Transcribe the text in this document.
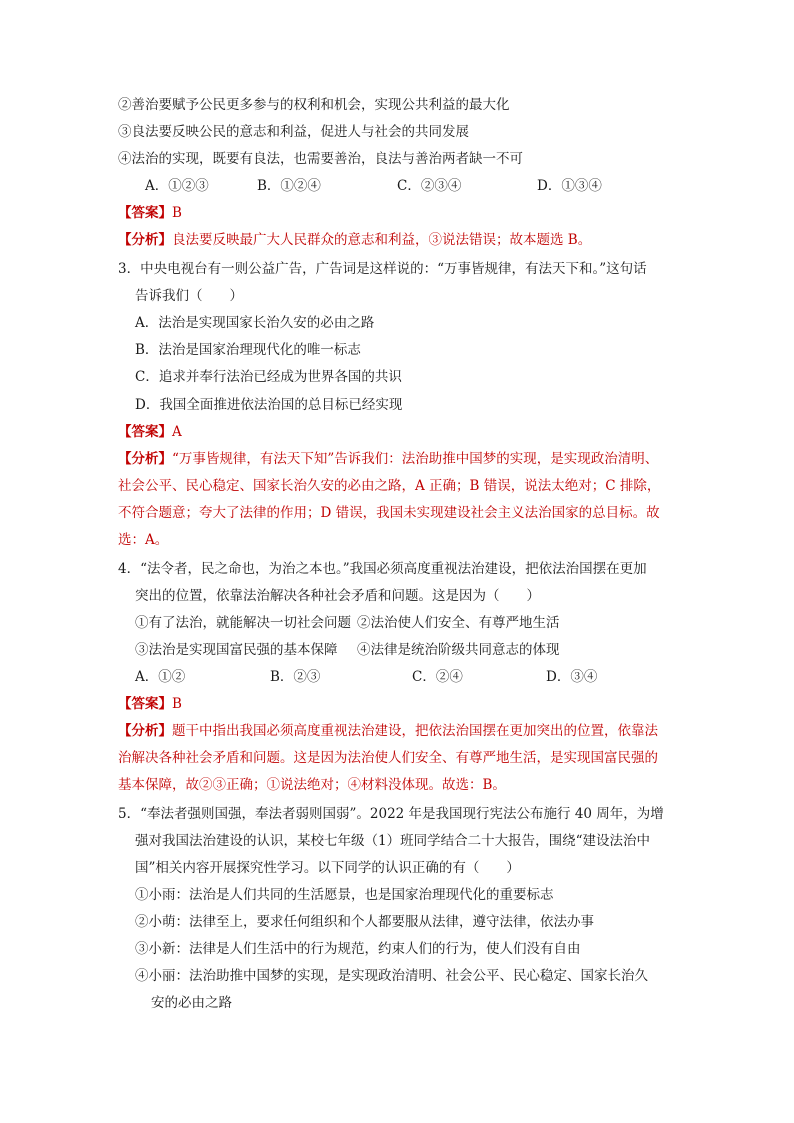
②善治要赋予公民更多参与的权利和机会，实现公共利益的最大化
③良法要反映公民的意志和利益，促进人与社会的共同发展
④法治的实现，既要有良法，也需要善治，良法与善治两者缺一不可
A．①②③	B．①②④	C．②③④	D．①③④
【答案】B
【分析】良法要反映最广大人民群众的意志和利益，③说法错误；故本题选 B。
3．中央电视台有一则公益广告，广告词是这样说的：“万事皆规律，有法天下和。”这句话
告诉我们（　　）
A．法治是实现国家长治久安的必由之路
B．法治是国家治理现代化的唯一标志
C．追求并奉行法治已经成为世界各国的共识
D．我国全面推进依法治国的总目标已经实现
【答案】A
【分析】“万事皆规律，有法天下知”告诉我们：法治助推中国梦的实现，是实现政治清明、
社会公平、民心稳定、国家长治久安的必由之路，A 正确；B 错误，说法太绝对；C 排除，
不符合题意；夸大了法律的作用；D 错误，我国未实现建设社会主义法治国家的总目标。故
选：A。
4．“法令者，民之命也，为治之本也。”我国必须高度重视法治建设，把依法治国摆在更加
突出的位置，依靠法治解决各种社会矛盾和问题。这是因为（　　）
①有了法治，就能解决一切社会问题 ②法治使人们安全、有尊严地生活
③法治是实现国富民强的基本保障 ④法律是统治阶级共同意志的体现
A．①②	B．②③	C．②④	D．③④
【答案】B
【分析】题干中指出我国必须高度重视法治建设，把依法治国摆在更加突出的位置，依靠法
治解决各种社会矛盾和问题。这是因为法治使人们安全、有尊严地生活，是实现国富民强的
基本保障，故②③正确；①说法绝对；④材料没体现。故选：B。
5．“奉法者强则国强，奉法者弱则国弱”。2022 年是我国现行宪法公布施行 40 周年，为增
强对我国法治建设的认识，某校七年级（1）班同学结合二十大报告，围绕“建设法治中
国”相关内容开展探究性学习。以下同学的认识正确的有（　　）
①小雨：法治是人们共同的生活愿景，也是国家治理现代化的重要标志
②小萌：法律至上，要求任何组织和个人都要服从法律，遵守法律，依法办事
③小新：法律是人们生活中的行为规范，约束人们的行为，使人们没有自由
④小丽：法治助推中国梦的实现，是实现政治清明、社会公平、民心稳定、国家长治久
安的必由之路
